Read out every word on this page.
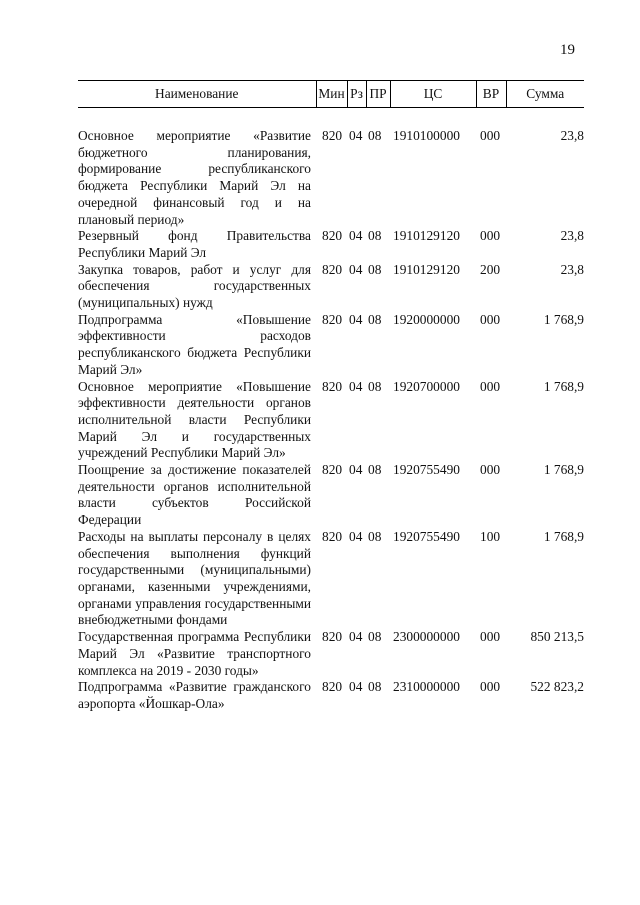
19
Наименование	Мин	Рз	ПР	ЦС	ВР	Сумма

Основное мероприятие «Развитие бюджетного планирования, формирование республиканского бюджета Республики Марий Эл на очередной финансовый год и на плановый период»	820	04	08	1910100000	000	23,8
Резервный фонд Правительства Республики Марий Эл	820	04	08	1910129120	000	23,8
Закупка товаров, работ и услуг для обеспечения государственных (муниципальных) нужд	820	04	08	1910129120	200	23,8
Подпрограмма «Повышение эффективности расходов республиканского бюджета Республики Марий Эл»	820	04	08	1920000000	000	1 768,9
Основное мероприятие «Повышение эффективности деятельности органов исполнительной власти Республики Марий Эл и государственных учреждений Республики Марий Эл»	820	04	08	1920700000	000	1 768,9
Поощрение за достижение показателей деятельности органов исполнительной власти субъектов Российской Федерации	820	04	08	1920755490	000	1 768,9
Расходы на выплаты персоналу в целях обеспечения выполнения функций государственными (муниципальными) органами, казенными учреждениями, органами управления государственными внебюджетными фондами	820	04	08	1920755490	100	1 768,9
Государственная программа Республики Марий Эл «Развитие транспортного комплекса на 2019 - 2030 годы»	820	04	08	2300000000	000	850 213,5
Подпрограмма «Развитие гражданского аэропорта «Йошкар-Ола»	820	04	08	2310000000	000	522 823,2
